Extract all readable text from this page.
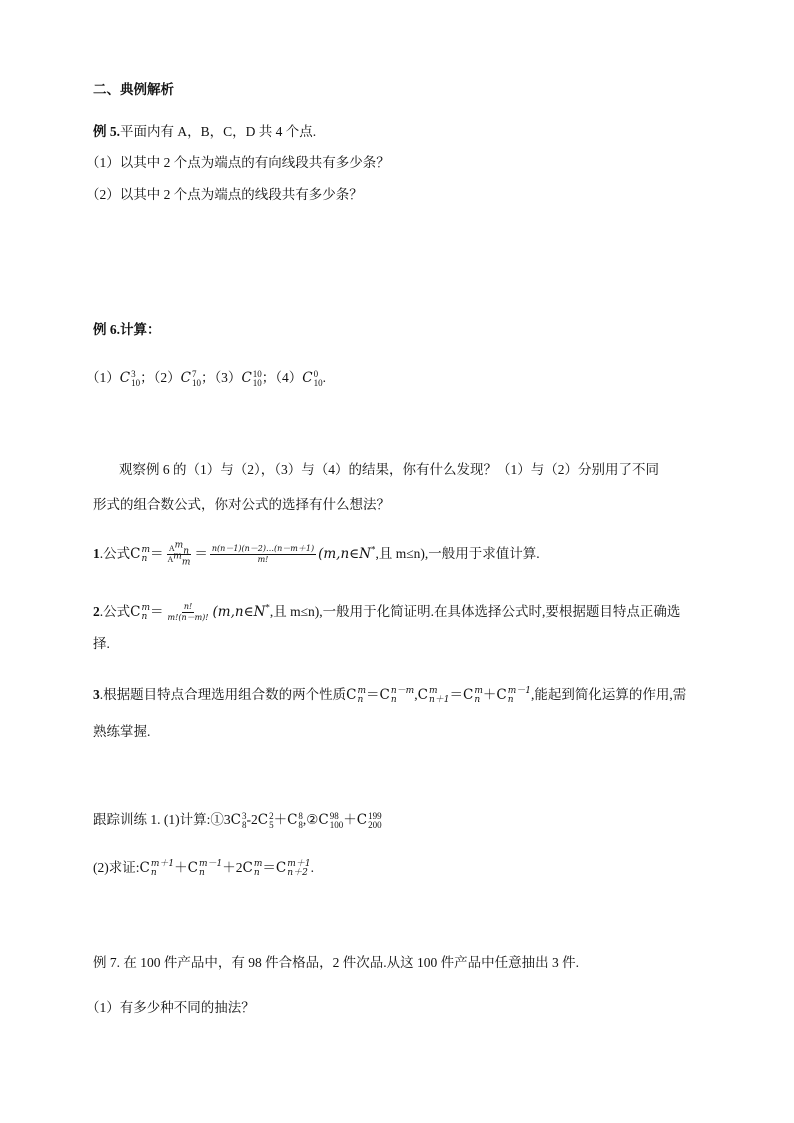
二、典例解析
例 5.平面内有 A，B，C，D 共 4 个点.
（1）以其中 2 个点为端点的有向线段共有多少条？
（2）以其中 2 个点为端点的线段共有多少条？
例 6.计算：
（1）C 3
10 ；（2）C 7
10 ；（3）C 10
10 ；（4）C 0
10 .
观察例 6 的（1）与（2），（3）与（4）的结果，你有什么发现？（1）与（2）分别用了不同
形式的组合数公式，你对公式的选择有什么想法？
1.公式C m
$n = \frac{A^m_n}{A^m_m} = \frac{n(n-1)(n-2)\dots(n-m+1)}{m!}$ (m,n∈N*,且 m≤n),一般用于求值计算.
2.公式C m
$n = \frac{n!}{m!(n-m)!}$ (m,n∈N*,且 m≤n),一般用于化简证明.在具体选择公式时,要根据题目特点正确选
择.
3.根据题目特点合理选用组合数的两个性质C m
n ＝C n－m
n	,C m
n＋1 ＝C m
n ＋C m－1
n	,能起到简化运算的作用,需
熟练掌握.
跟踪训练 1. (1)计算:①3C 3
8 -2C 2
5 ＋C 8
8 ,②C 98
100 ＋C 199
200
(2)求证:C m＋1
n	＋C m－1
n	＋2C m
n ＝C m＋1
n＋2 .
例 7. 在 100 件产品中，有 98 件合格品，2 件次品.从这 100 件产品中任意抽出 3 件.
（1）有多少种不同的抽法？
